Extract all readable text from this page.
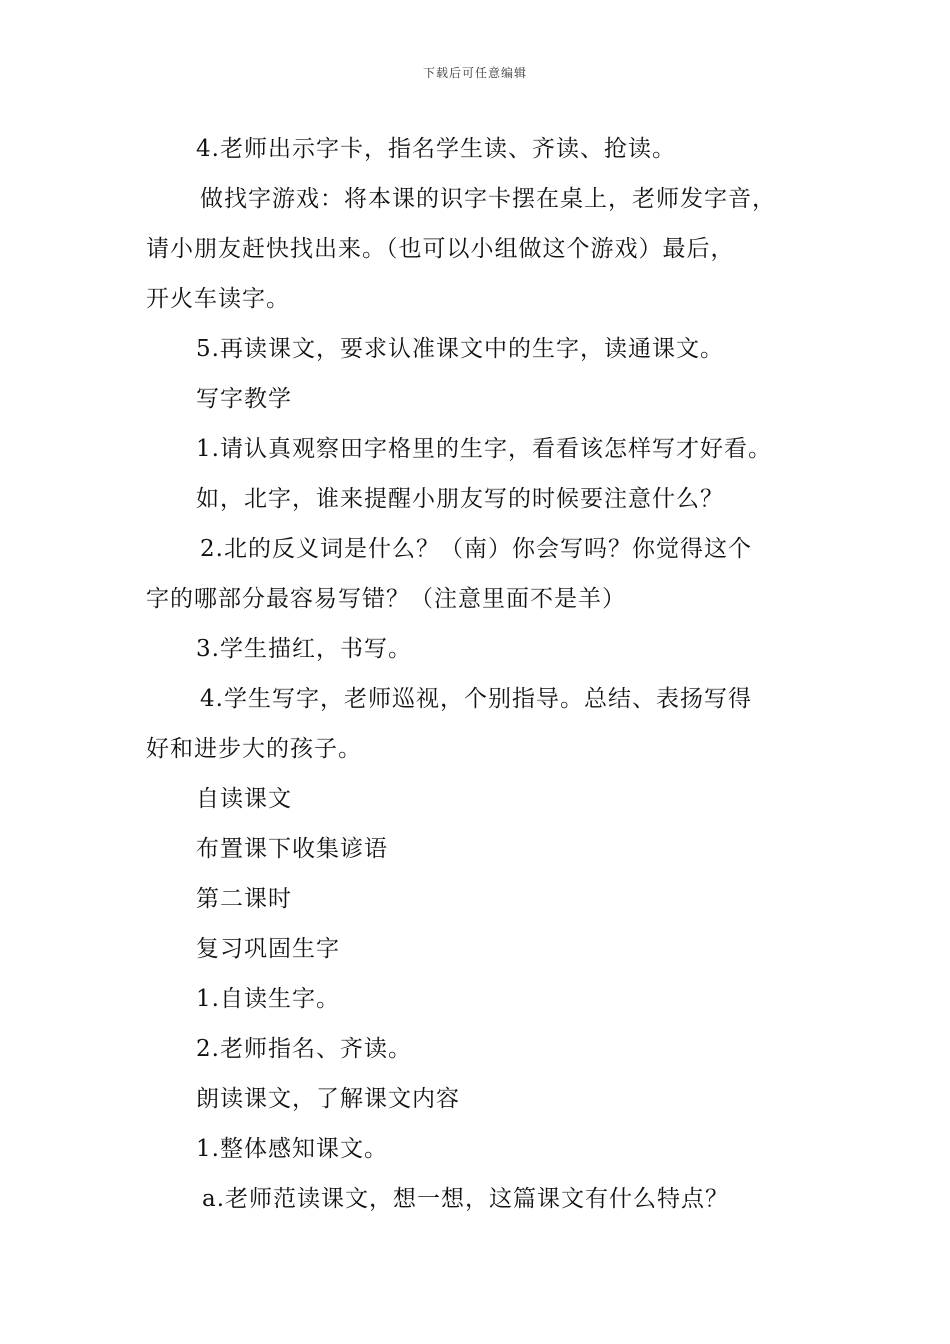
下载后可任意编辑
4.老师出示字卡，指名学生读、齐读、抢读。
做找字游戏：将本课的识字卡摆在桌上，老师发字音，
请小朋友赶快找出来。（也可以小组做这个游戏）最后，
开火车读字。
5.再读课文，要求认准课文中的生字，读通课文。
写字教学
1.请认真观察田字格里的生字，看看该怎样写才好看。
如，北字，谁来提醒小朋友写的时候要注意什么？
2.北的反义词是什么？（南）你会写吗？你觉得这个
字的哪部分最容易写错？（注意里面不是羊）
3.学生描红，书写。
4.学生写字，老师巡视，个别指导。总结、表扬写得
好和进步大的孩子。
自读课文
布置课下收集谚语
第二课时
复习巩固生字
1.自读生字。
2.老师指名、齐读。
朗读课文，了解课文内容
1.整体感知课文。
a.老师范读课文，想一想，这篇课文有什么特点？
